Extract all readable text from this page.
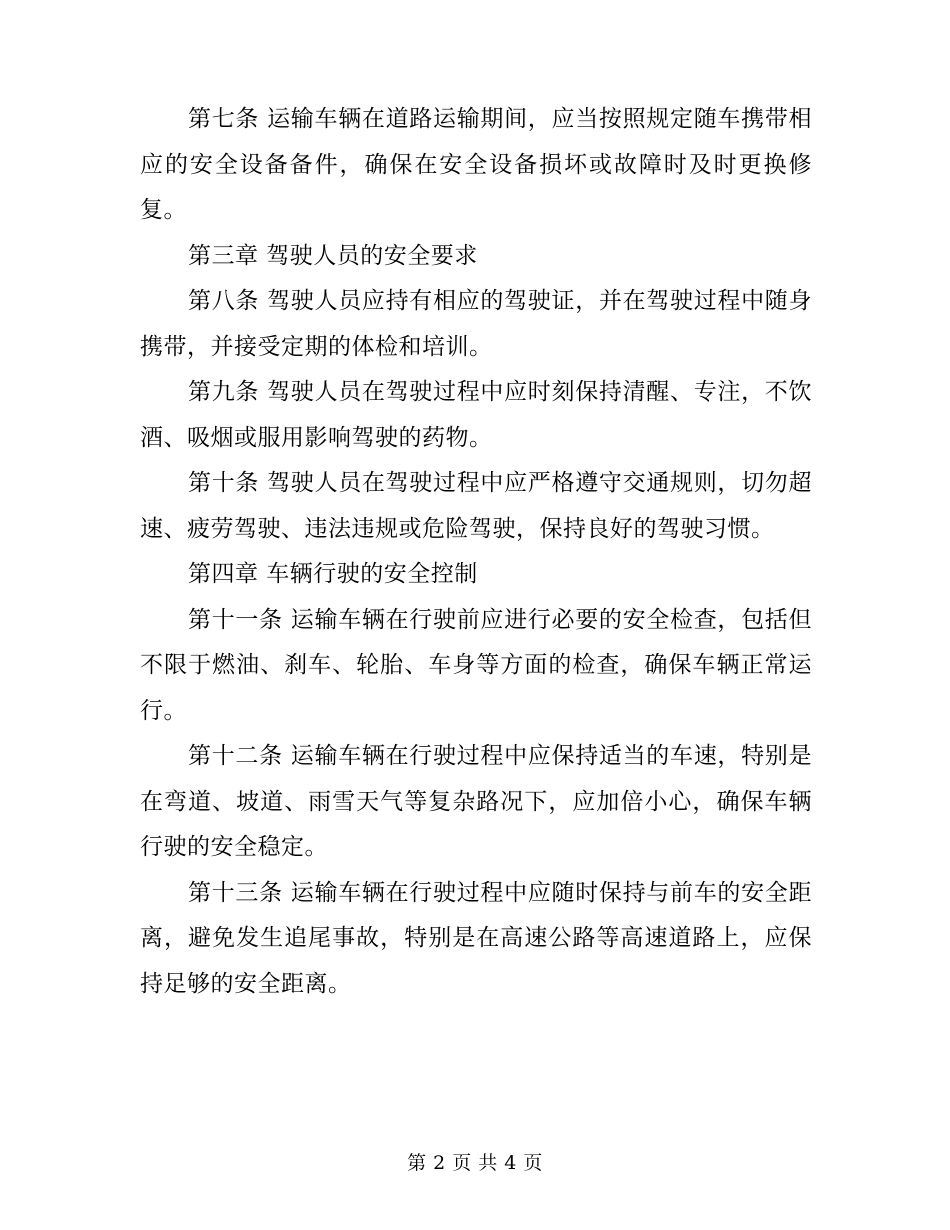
第七条 运输车辆在道路运输期间，应当按照规定随车携带相应的安全设备备件，确保在安全设备损坏或故障时及时更换修复。

第三章 驾驶人员的安全要求

第八条 驾驶人员应持有相应的驾驶证，并在驾驶过程中随身携带，并接受定期的体检和培训。

第九条 驾驶人员在驾驶过程中应时刻保持清醒、专注，不饮酒、吸烟或服用影响驾驶的药物。

第十条 驾驶人员在驾驶过程中应严格遵守交通规则，切勿超速、疲劳驾驶、违法违规或危险驾驶，保持良好的驾驶习惯。

第四章 车辆行驶的安全控制

第十一条 运输车辆在行驶前应进行必要的安全检查，包括但不限于燃油、刹车、轮胎、车身等方面的检查，确保车辆正常运行。

第十二条 运输车辆在行驶过程中应保持适当的车速，特别是在弯道、坡道、雨雪天气等复杂路况下，应加倍小心，确保车辆行驶的安全稳定。

第十三条 运输车辆在行驶过程中应随时保持与前车的安全距离，避免发生追尾事故，特别是在高速公路等高速道路上，应保持足够的安全距离。

第 2 页 共 4 页
